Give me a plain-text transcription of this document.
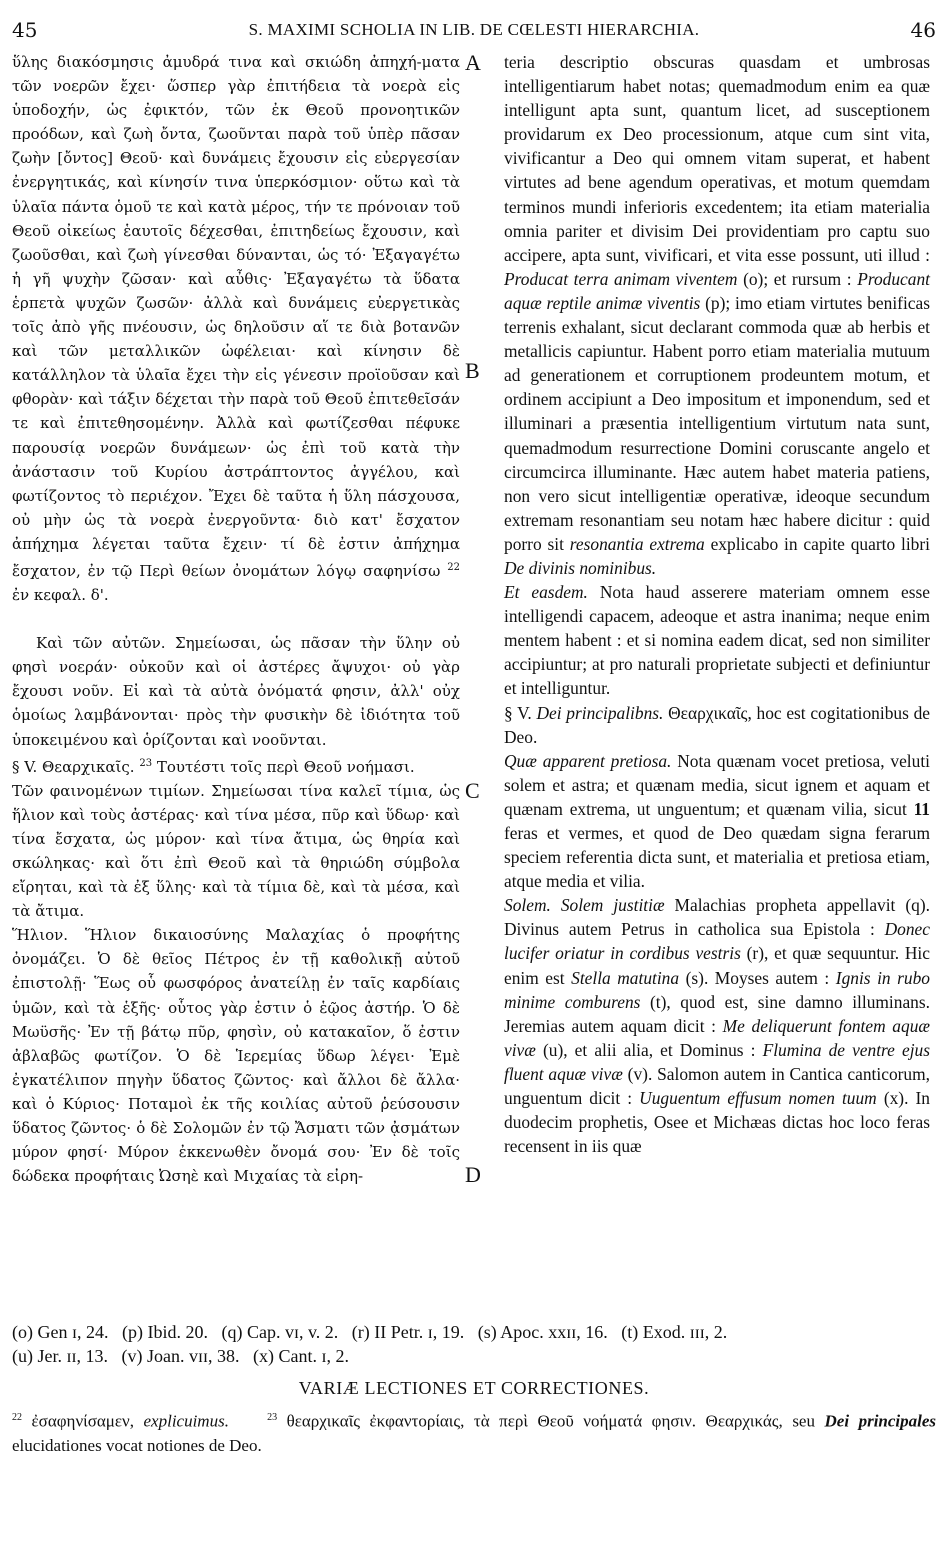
45	S. MAXIMI SCHOLIA IN LIB. DE CŒLESTI HIERARCHIA.	46
A
B
C
D

ὕλης διακόσμησις ἀμυδρά τινα καὶ σκιώδη ἀπηχή-ματα τῶν νοερῶν ἔχει· ὥσπερ γὰρ ἐπιτήδεια τὰ νοερὰ εἰς ὑποδοχήν, ὡς ἐφικτόν, τῶν ἐκ Θεοῦ προνοητικῶν προόδων, καὶ ζωὴ ὄντα, ζωοῦνται παρὰ τοῦ ὑπὲρ πᾶσαν ζωὴν [ὄντος] Θεοῦ· καὶ δυνάμεις ἔχουσιν εἰς εὐεργεσίαν ἐνεργητικάς, καὶ κίνησίν τινα ὑπερκόσμιον· οὕτω καὶ τὰ ὑλαῖα πάντα ὁμοῦ τε καὶ κατὰ μέρος, τήν τε πρόνοιαν τοῦ Θεοῦ οἰκείως ἑαυτοῖς δέχεσθαι, ἐπιτηδείως ἔχουσιν, καὶ ζωοῦσθαι, καὶ ζωὴ γίνεσθαι δύνανται, ὡς τό· Ἐξαγαγέτω ἡ γῆ ψυχὴν ζῶσαν· καὶ αὖθις· Ἐξαγαγέτω τὰ ὕδατα ἑρπετὰ ψυχῶν ζωσῶν· ἀλλὰ καὶ δυνάμεις εὐεργετικὰς τοῖς ἀπὸ γῆς πνέουσιν, ὡς δηλοῦσιν αἵ τε διὰ βοτανῶν καὶ τῶν μεταλλικῶν ὠφέλειαι· καὶ κίνησιν δὲ κατάλληλον τὰ ὑλαῖα ἔχει τὴν εἰς γένεσιν προϊοῦσαν καὶ φθορὰν· καὶ τάξιν δέχεται τὴν παρὰ τοῦ Θεοῦ ἐπιτεθεῖσάν τε καὶ ἐπιτεθησομένην. Ἀλλὰ καὶ φωτίζεσθαι πέφυκε παρουσίᾳ νοερῶν δυνάμεων· ὡς ἐπὶ τοῦ κατὰ τὴν ἀνάστασιν τοῦ Κυρίου ἀστράπτοντος ἀγγέλου, καὶ φωτίζοντος τὸ περιέχον. Ἔχει δὲ ταῦτα ἡ ὕλη πάσχουσα, οὐ μὴν ὡς τὰ νοερὰ ἐνεργοῦντα· διὸ κατ' ἔσχατον ἀπήχημα λέγεται ταῦτα ἔχειν· τί δὲ ἐστιν ἀπήχημα ἔσχατον, ἐν τῷ Περὶ θείων ὀνομάτων λόγῳ σαφηνίσω $^{22}$ ἐν κεφαλ. δ'.

Καὶ τῶν αὐτῶν. Σημείωσαι, ὡς πᾶσαν τὴν ὕλην οὐ φησὶ νοεράν· οὐκοῦν καὶ οἱ ἀστέρες ἄψυχοι· οὐ γὰρ ἔχουσι νοῦν. Εἰ καὶ τὰ αὐτὰ ὀνόματά φησιν, ἀλλ' οὐχ ὁμοίως λαμβάνονται· πρὸς τὴν φυσικὴν δὲ ἰδιότητα τοῦ ὑποκειμένου καὶ ὁρίζονται καὶ νοοῦνται.

§ V. Θεαρχικαῖς. $^{23}$ Τουτέστι τοῖς περὶ Θεοῦ νοήμασι.

Τῶν φαινομένων τιμίων. Σημείωσαι τίνα καλεῖ τίμια, ὡς ἥλιον καὶ τοὺς ἀστέρας· καὶ τίνα μέσα, πῦρ καὶ ὕδωρ· καὶ τίνα ἔσχατα, ὡς μύρον· καὶ τίνα ἄτιμα, ὡς θηρία καὶ σκώληκας· καὶ ὅτι ἐπὶ Θεοῦ καὶ τὰ θηριώδη σύμβολα εἴρηται, καὶ τὰ ἐξ ὕλης· καὶ τὰ τίμια δὲ, καὶ τὰ μέσα, καὶ τὰ ἄτιμα.

Ἥλιον. Ἥλιον δικαιοσύνης Μαλαχίας ὁ προφήτης ὀνομάζει. Ὁ δὲ θεῖος Πέτρος ἐν τῇ καθολικῇ αὐτοῦ ἐπιστολῇ· Ἕως οὗ φωσφόρος ἀνατείλῃ ἐν ταῖς καρδίαις ὑμῶν, καὶ τὰ ἑξῆς· οὗτος γὰρ ἐστιν ὁ ἑῷος ἀστήρ. Ὁ δὲ Μωϋσῆς· Ἐν τῇ βάτῳ πῦρ, φησὶν, οὐ κατακαῖον, ὅ ἐστιν ἀβλαβῶς φωτίζον. Ὁ δὲ Ἱερεμίας ὕδωρ λέγει· Ἐμὲ ἐγκατέλιπον πηγὴν ὕδατος ζῶντος· καὶ ἄλλοι δὲ ἄλλα· καὶ ὁ Κύριος· Ποταμοὶ ἐκ τῆς κοιλίας αὐτοῦ ῥεύσουσιν ὕδατος ζῶντος· ὁ δὲ Σολομῶν ἐν τῷ Ἄσματι τῶν ᾀσμάτων μύρον φησί· Μύρον ἐκκενωθὲν ὄνομά σου· Ἐν δὲ τοῖς δώδεκα προφήταις Ὠσηὲ καὶ Μιχαίας τὰ εἰρη-

teria descriptio obscuras quasdam et umbrosas intelligentiarum habet notas; quemadmodum enim ea quæ intelligunt apta sunt, quantum licet, ad susceptionem providarum ex Deo processionum, atque cum sint vita, vivificantur a Deo qui omnem vitam superat, et habent virtutes ad bene agendum operativas, et motum quemdam terminos mundi inferioris excedentem; ita etiam materialia omnia pariter et divisim Dei providentiam pro captu suo accipere, apta sunt, vivificari, et vita esse possunt, uti illud : Producat terra animam viventem (o); et rursum : Producant aquæ reptile animæ viventis (p); imo etiam virtutes benificas terrenis exhalant, sicut declarant commoda quæ ab herbis et metallicis capiuntur. Habent porro etiam materialia mutuum ad generationem et corruptionem prodeuntem motum, et ordinem accipiunt a Deo impositum et imponendum, sed et illuminari a præsentia intelligentium virtutum nata sunt, quemadmodum resurrectione Domini coruscante angelo et circumcirca illuminante. Hæc autem habet materia patiens, non vero sicut intelligentiæ operativæ, ideoque secundum extremam resonantiam seu notam hæc habere dicitur : quid porro sit resonantia extrema explicabo in capite quarto libri De divinis nominibus.

Et easdem. Nota haud asserere materiam omnem esse intelligendi capacem, adeoque et astra inanima; neque enim mentem habent : et si nomina eadem dicat, sed non similiter accipiuntur; at pro naturali proprietate subjecti et definiuntur et intelliguntur.

§ V. Dei principalibns. Θεαρχικαῖς, hoc est cogitationibus de Deo.

Quæ apparent pretiosa. Nota quænam vocet pretiosa, veluti solem et astra; et quænam media, sicut ignem et aquam et quænam extrema, ut unguentum; et quænam vilia, sicut 11 feras et vermes, et quod de Deo quædam signa ferarum speciem referentia dicta sunt, et materialia et pretiosa etiam, atque media et vilia.

Solem. Solem justitiæ Malachias propheta appellavit (q). Divinus autem Petrus in catholica sua Epistola : Donec lucifer oriatur in cordibus vestris (r), et quæ sequuntur. Hic enim est Stella matutina (s). Moyses autem : Ignis in rubo minime comburens (t), quod est, sine damno illuminans. Jeremias autem aquam dicit : Me deliquerunt fontem aquæ vivæ (u), et alii alia, et Dominus : Flumina de ventre ejus fluent aquæ vivæ (v). Salomon autem in Cantica canticorum, unguentum dicit : Uuguentum effusum nomen tuum (x). In duodecim prophetis, Osee et Michæas dictas hoc loco feras recensent in iis quæ

(o) Gen ɪ, 24.   (p) Ibid. 20.   (q) Cap. vɪ, v. 2.   (r) II Petr. ɪ, 19.   (s) Apoc. xxɪɪ, 16.   (t) Exod. ɪɪɪ, 2.
(u) Jer. ɪɪ, 13.   (v) Joan. vɪɪ, 38.   (x) Cant. ɪ, 2.
VARIÆ LECTIONES ET CORRECTIONES.
$^{22}$ ἐσαφηνίσαμεν, explicuimus.	$^{23}$ θεαρχικαῖς ἐκφαντορίαις, τὰ περὶ Θεοῦ νοήματά φησιν. Θεαρχικάς, seu Dei principales elucidationes vocat notiones de Deo.
